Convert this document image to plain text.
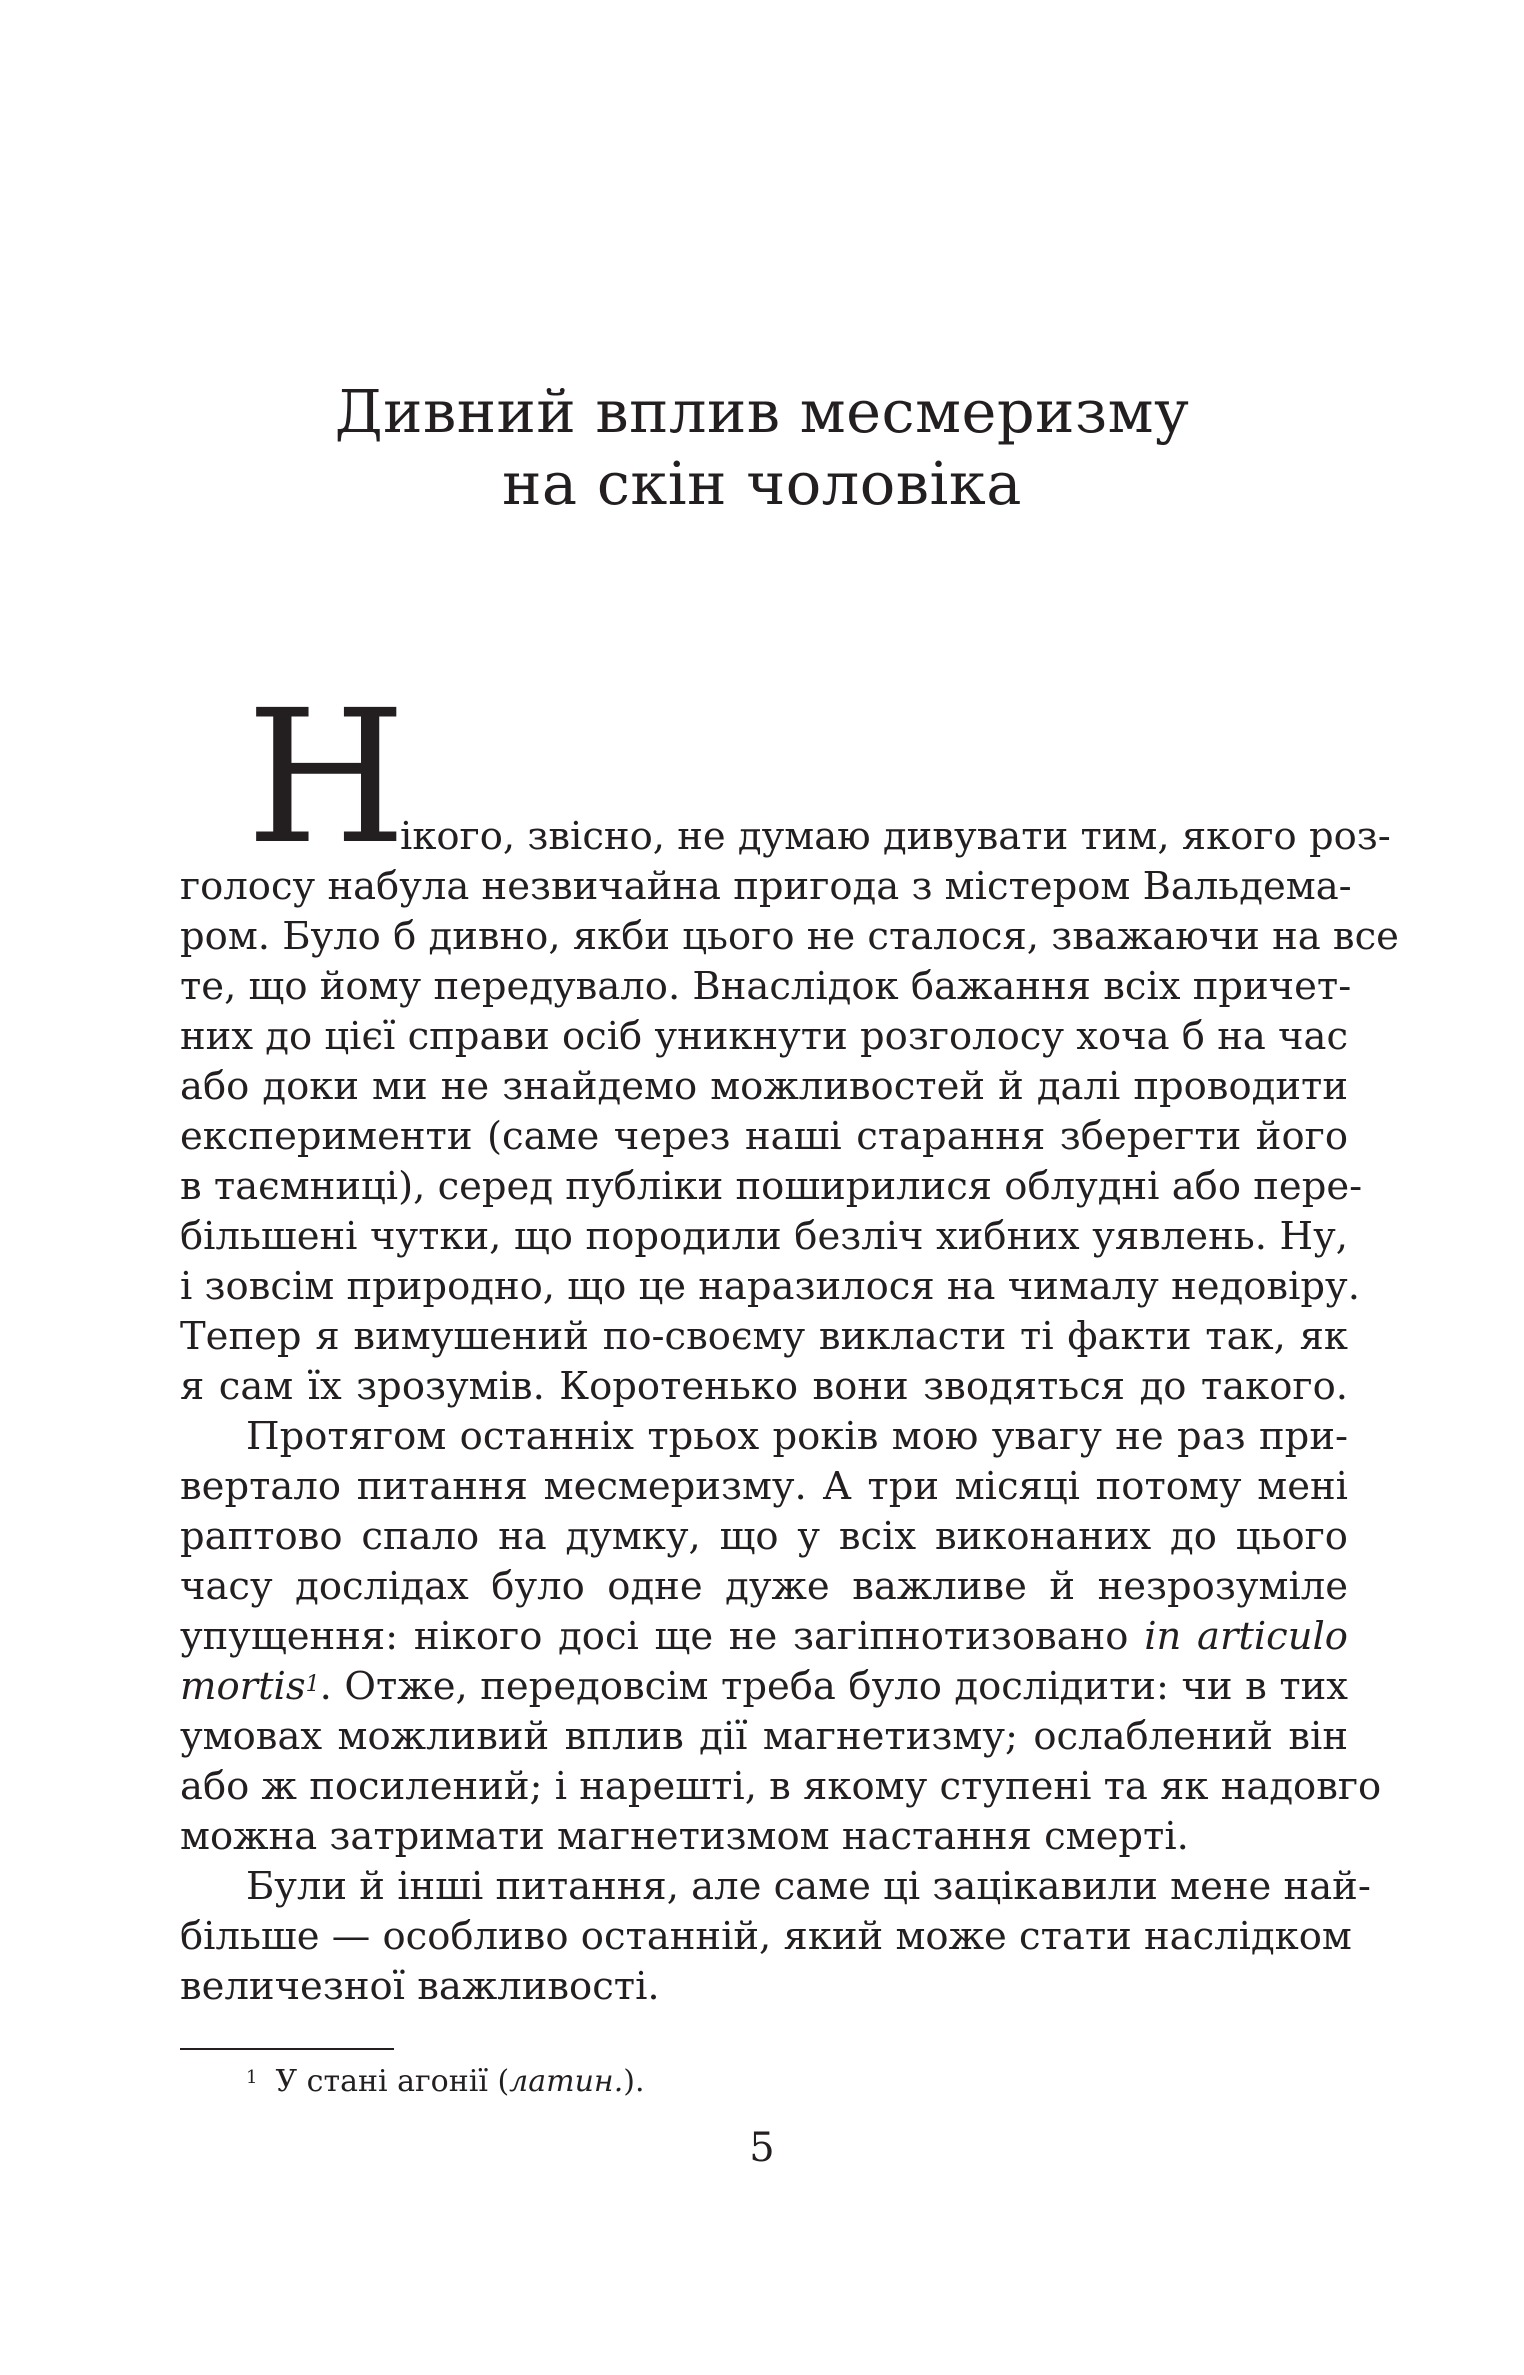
Дивний вплив месмеризму
на скін чоловіка
Н
ікого, звісно, не думаю дивувати тим, якого роз-
голосу набула незвичайна пригода з містером Вальдема-
ром. Було б дивно, якби цього не сталося, зважаючи на все
те, що йому передувало. Внаслідок бажання всіх причет-
них до цієї справи осіб уникнути розголосу хоча б на час
або доки ми не знайдемо можливостей й далі проводити
експерименти (саме через наші старання зберегти його
в таємниці), серед публіки поширилися облудні або пере-
більшені чутки, що породили безліч хибних уявлень. Ну,
і зовсім природно, що це наразилося на чималу недовіру.
Тепер я вимушений по-своєму викласти ті факти так, як
я сам їх зрозумів. Коротенько вони зводяться до такого.
Протягом останніх трьох років мою увагу не раз при-
вертало питання месмеризму. А три місяці потому мені
раптово спало на думку, що у всіх виконаних до цього
часу дослідах було одне дуже важливе й незрозуміле
упущення: нікого досі ще не загіпнотизовано in articulo
mortis$^1$. Отже, передовсім треба було дослідити: чи в тих
умовах можливий вплив дії магнетизму; ослаблений він
або ж посилений; і нарешті, в якому ступені та як надовго
можна затримати магнетизмом настання смерті.
Були й інші питання, але саме ці зацікавили мене най-
більше — особливо останній, який може стати наслідком
величезної важливості.
$^1$ У стані агонії (латин.).
5
